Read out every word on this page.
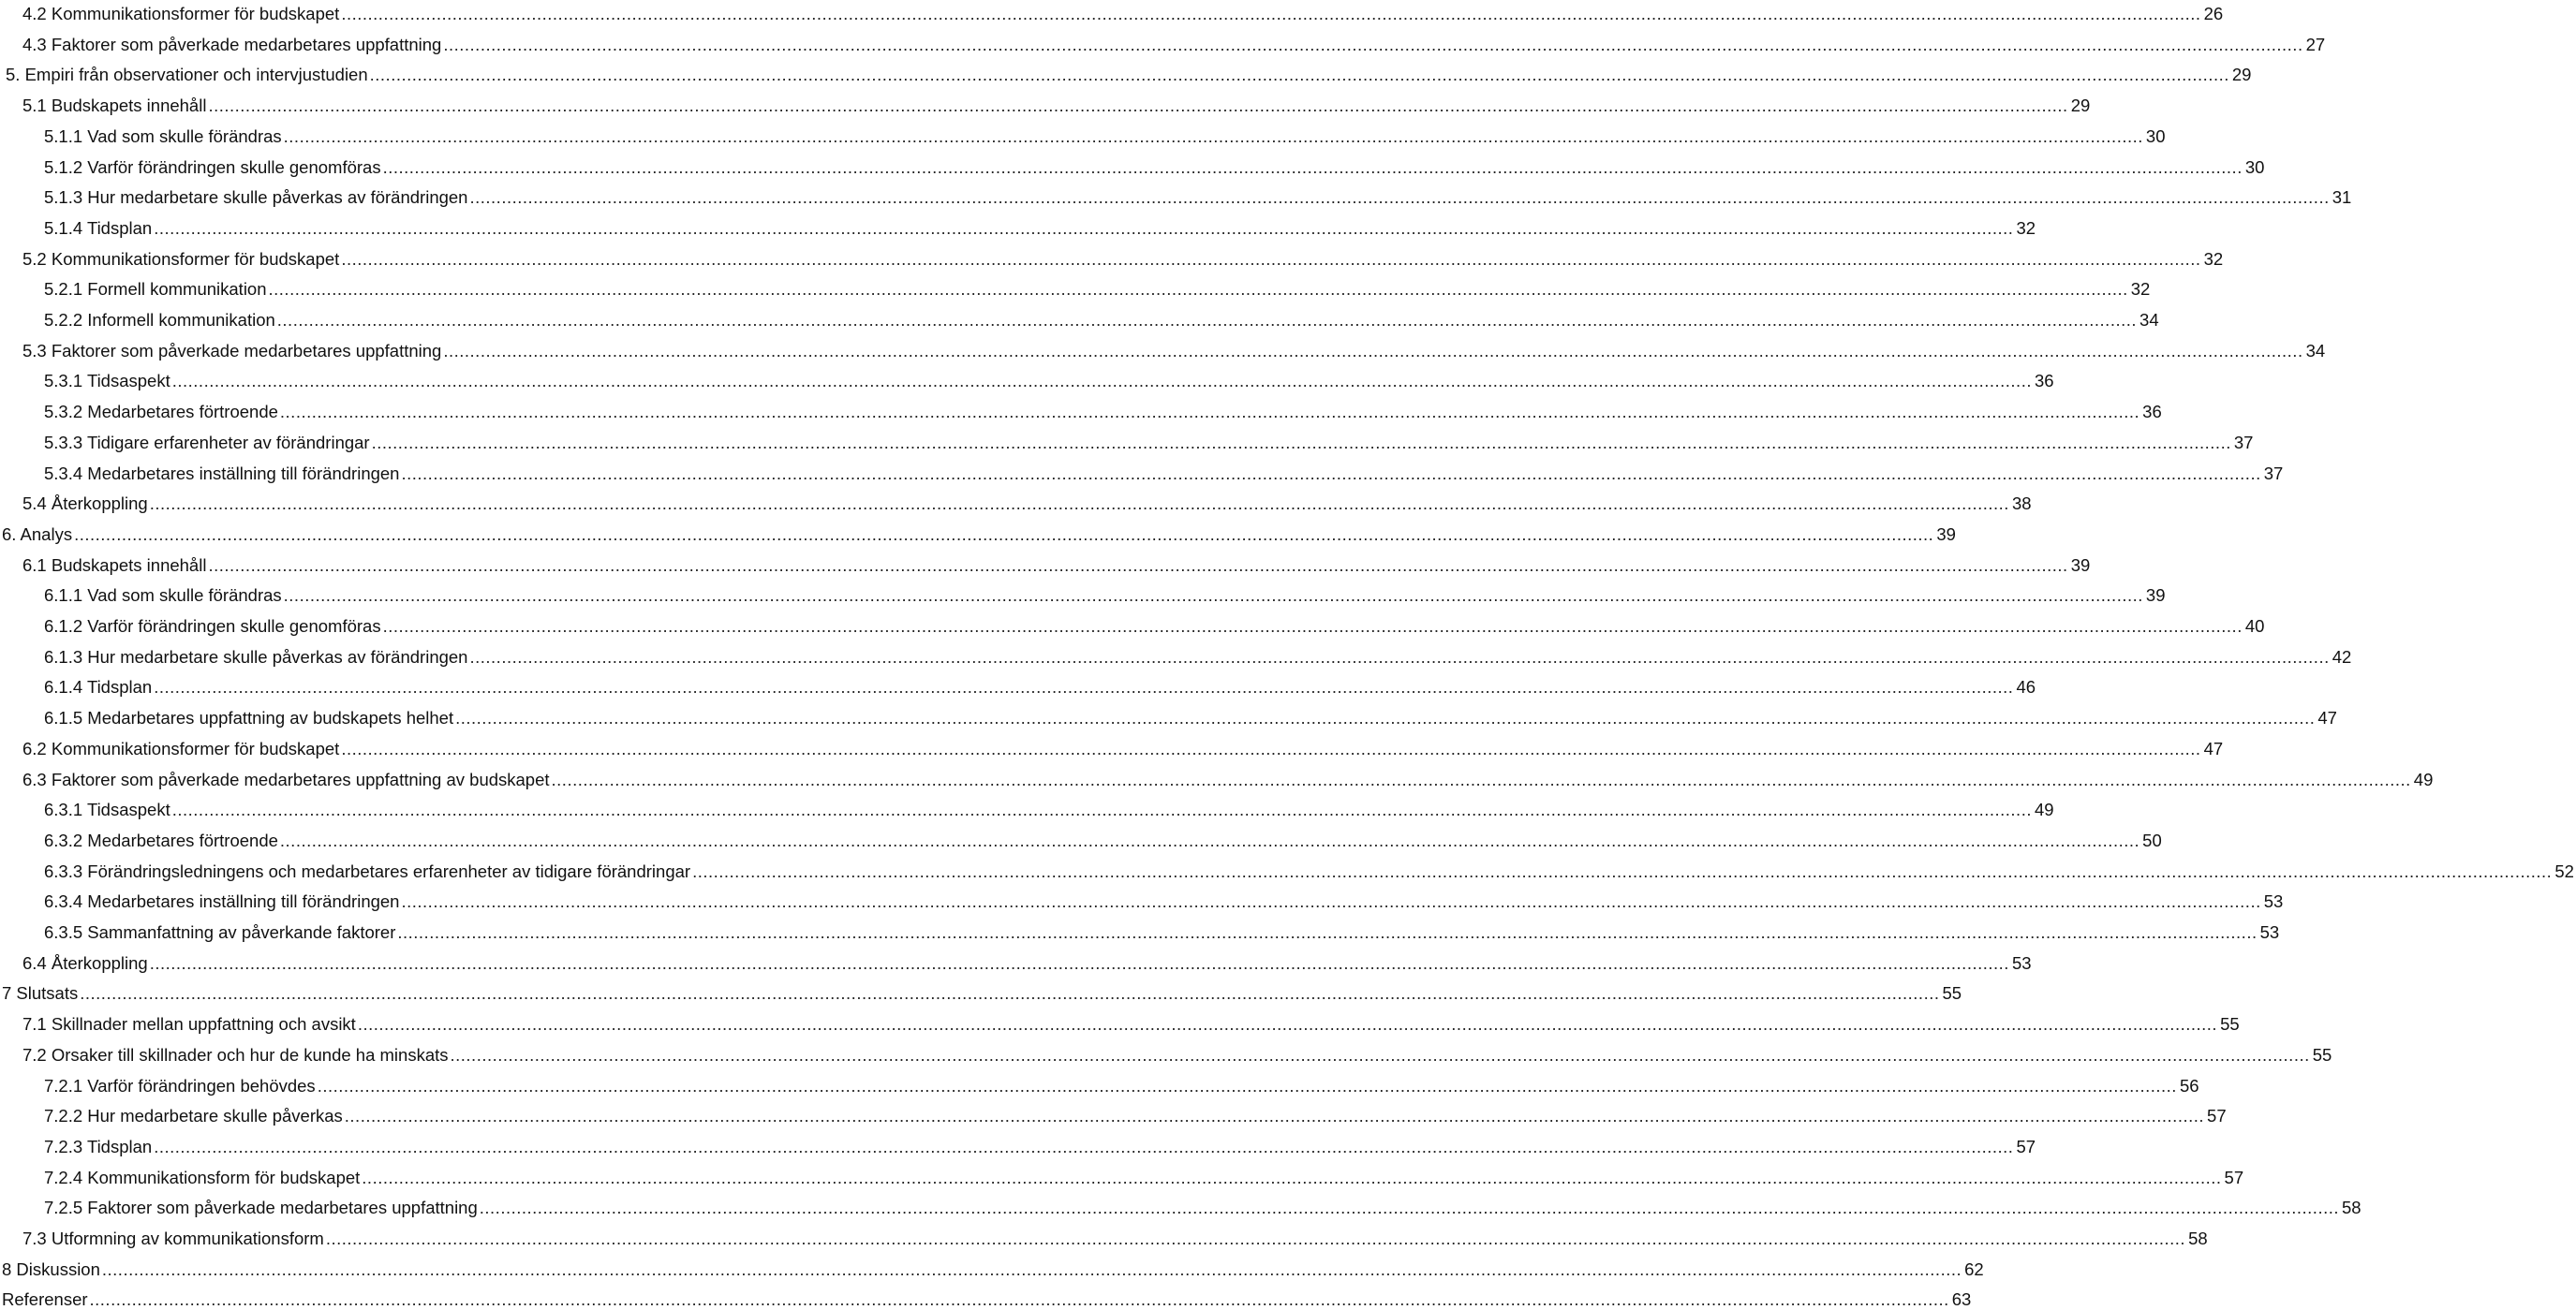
4.2 Kommunikationsformer för budskapet .....	26
4.3 Faktorer som påverkade medarbetares uppfattning .....	27
5. Empiri från observationer och intervjustudien .....	29
5.1 Budskapets innehåll .....	29
5.1.1 Vad som skulle förändras .....	30
5.1.2 Varför förändringen skulle genomföras .....	30
5.1.3 Hur medarbetare skulle påverkas av förändringen .....	31
5.1.4 Tidsplan .....	32
5.2 Kommunikationsformer för budskapet .....	32
5.2.1 Formell kommunikation .....	32
5.2.2 Informell kommunikation .....	34
5.3 Faktorer som påverkade medarbetares uppfattning .....	34
5.3.1 Tidsaspekt .....	36
5.3.2 Medarbetares förtroende .....	36
5.3.3 Tidigare erfarenheter av förändringar .....	37
5.3.4 Medarbetares inställning till förändringen .....	37
5.4 Återkoppling .....	38
6. Analys .....	39
6.1 Budskapets innehåll .....	39
6.1.1 Vad som skulle förändras .....	39
6.1.2 Varför förändringen skulle genomföras .....	40
6.1.3 Hur medarbetare skulle påverkas av förändringen .....	42
6.1.4 Tidsplan .....	46
6.1.5 Medarbetares uppfattning av budskapets helhet .....	47
6.2 Kommunikationsformer för budskapet .....	47
6.3 Faktorer som påverkade medarbetares uppfattning av budskapet .....	49
6.3.1 Tidsaspekt .....	49
6.3.2 Medarbetares förtroende .....	50
6.3.3 Förändringsledningens och medarbetares erfarenheter av tidigare förändringar .....	52
6.3.4 Medarbetares inställning till förändringen .....	53
6.3.5 Sammanfattning av påverkande faktorer .....	53
6.4 Återkoppling .....	53
7 Slutsats .....	55
7.1 Skillnader mellan uppfattning och avsikt .....	55
7.2 Orsaker till skillnader och hur de kunde ha minskats .....	55
7.2.1 Varför förändringen behövdes .....	56
7.2.2 Hur medarbetare skulle påverkas .....	57
7.2.3 Tidsplan .....	57
7.2.4 Kommunikationsform för budskapet .....	57
7.2.5 Faktorer som påverkade medarbetares uppfattning .....	58
7.3 Utformning av kommunikationsform .....	58
8 Diskussion .....	62
Referenser .....	63
